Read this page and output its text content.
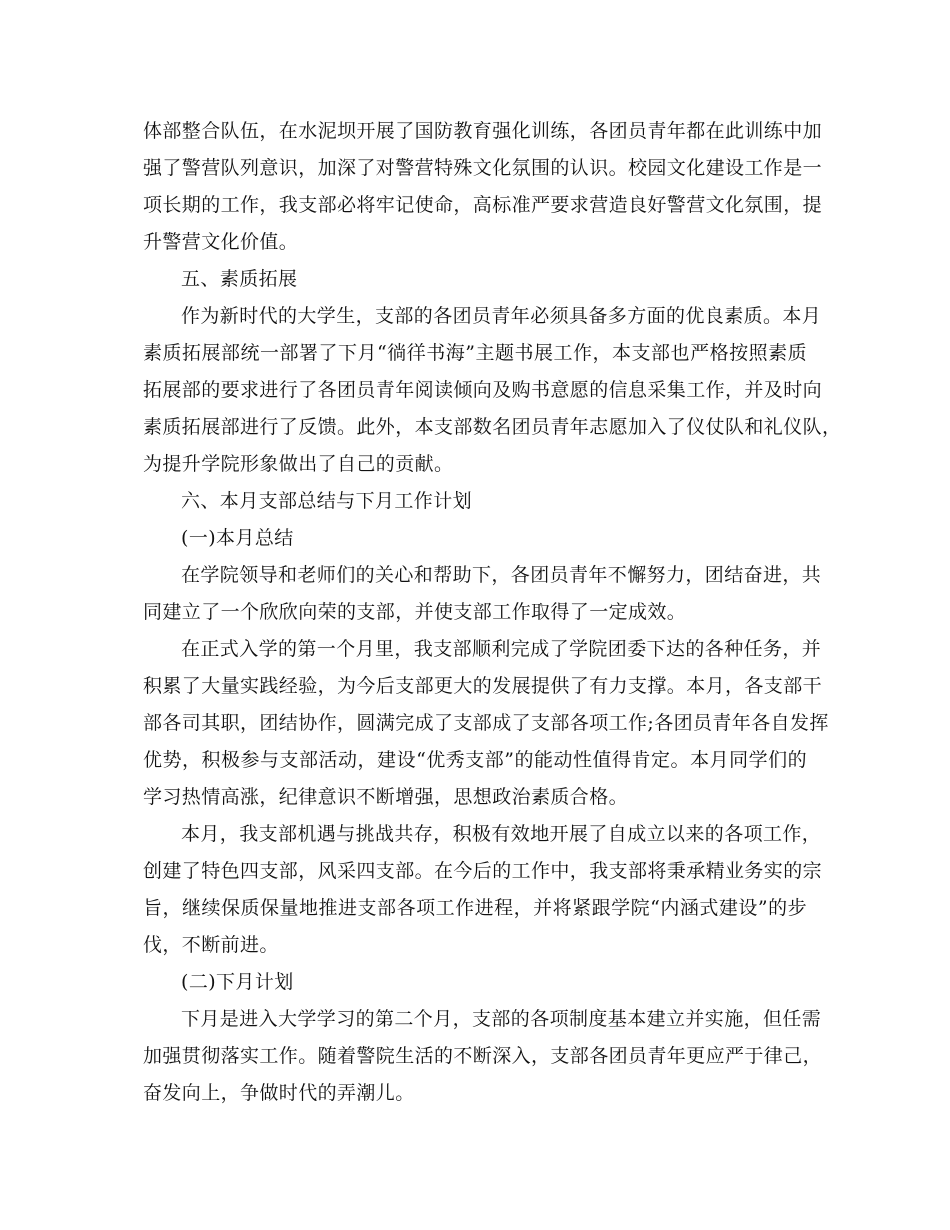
体部整合队伍，在水泥坝开展了国防教育强化训练，各团员青年都在此训练中加
强了警营队列意识，加深了对警营特殊文化氛围的认识。校园文化建设工作是一
项长期的工作，我支部必将牢记使命，高标准严要求营造良好警营文化氛围，提
升警营文化价值。
五、素质拓展
作为新时代的大学生，支部的各团员青年必须具备多方面的优良素质。本月
素质拓展部统一部署了下月“徜徉书海”主题书展工作，本支部也严格按照素质
拓展部的要求进行了各团员青年阅读倾向及购书意愿的信息采集工作，并及时向
素质拓展部进行了反馈。此外，本支部数名团员青年志愿加入了仪仗队和礼仪队，
为提升学院形象做出了自己的贡献。
六、本月支部总结与下月工作计划
(一)本月总结
在学院领导和老师们的关心和帮助下，各团员青年不懈努力，团结奋进，共
同建立了一个欣欣向荣的支部，并使支部工作取得了一定成效。
在正式入学的第一个月里，我支部顺利完成了学院团委下达的各种任务，并
积累了大量实践经验，为今后支部更大的发展提供了有力支撑。本月，各支部干
部各司其职，团结协作，圆满完成了支部成了支部各项工作;各团员青年各自发挥
优势，积极参与支部活动，建设“优秀支部”的能动性值得肯定。本月同学们的
学习热情高涨，纪律意识不断增强，思想政治素质合格。
本月，我支部机遇与挑战共存，积极有效地开展了自成立以来的各项工作，
创建了特色四支部，风采四支部。在今后的工作中，我支部将秉承精业务实的宗
旨，继续保质保量地推进支部各项工作进程，并将紧跟学院“内涵式建设”的步
伐，不断前进。
(二)下月计划
下月是进入大学学习的第二个月，支部的各项制度基本建立并实施，但任需
加强贯彻落实工作。随着警院生活的不断深入，支部各团员青年更应严于律己，
奋发向上，争做时代的弄潮儿。
